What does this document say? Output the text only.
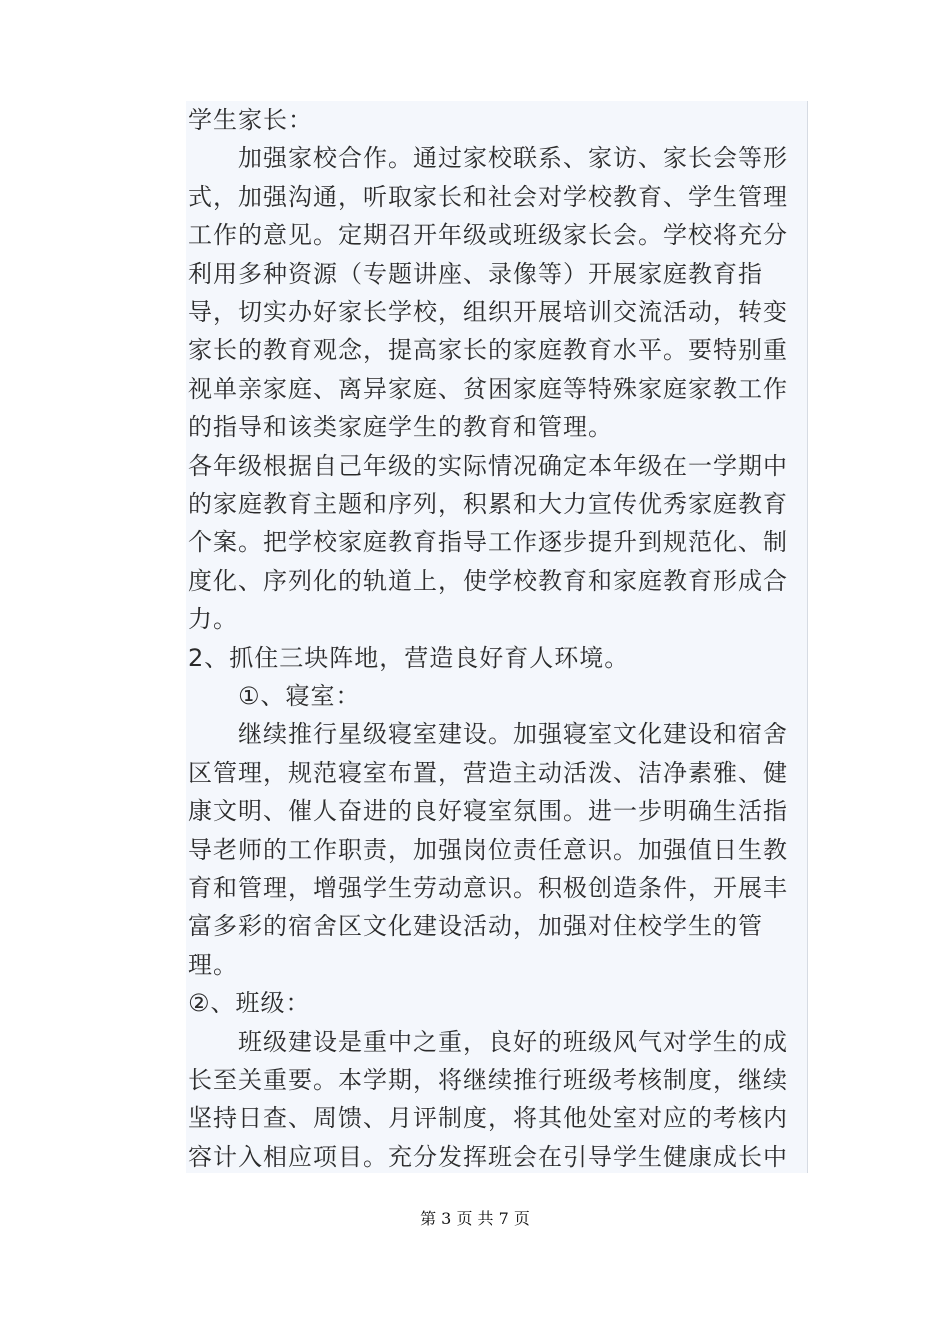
学生家长：
　　加强家校合作。通过家校联系、家访、家长会等形
式，加强沟通，听取家长和社会对学校教育、学生管理
工作的意见。定期召开年级或班级家长会。学校将充分
利用多种资源（专题讲座、录像等）开展家庭教育指
导，切实办好家长学校，组织开展培训交流活动，转变
家长的教育观念，提高家长的家庭教育水平。要特别重
视单亲家庭、离异家庭、贫困家庭等特殊家庭家教工作
的指导和该类家庭学生的教育和管理。
各年级根据自己年级的实际情况确定本年级在一学期中
的家庭教育主题和序列，积累和大力宣传优秀家庭教育
个案。把学校家庭教育指导工作逐步提升到规范化、制
度化、序列化的轨道上，使学校教育和家庭教育形成合
力。
2、抓住三块阵地，营造良好育人环境。
　　①、寝室：
　　继续推行星级寝室建设。加强寝室文化建设和宿舍
区管理，规范寝室布置，营造主动活泼、洁净素雅、健
康文明、催人奋进的良好寝室氛围。进一步明确生活指
导老师的工作职责，加强岗位责任意识。加强值日生教
育和管理，增强学生劳动意识。积极创造条件，开展丰
富多彩的宿舍区文化建设活动，加强对住校学生的管
理。
②、班级：
　　班级建设是重中之重，良好的班级风气对学生的成
长至关重要。本学期，将继续推行班级考核制度，继续
坚持日查、周馈、月评制度，将其他处室对应的考核内
容计入相应项目。充分发挥班会在引导学生健康成长中
第 3 页 共 7 页
